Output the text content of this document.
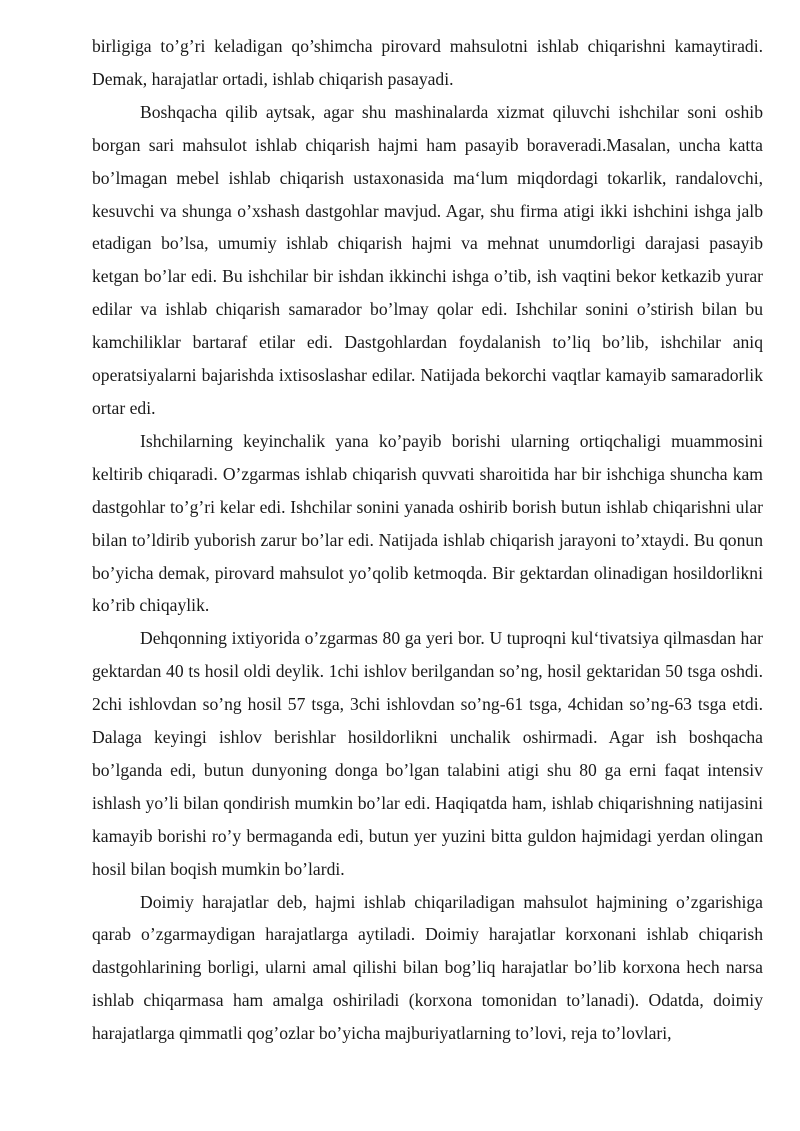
birligiga to’g’ri keladigan qo’shimcha pirovard mahsulotni ishlab chiqarishni kamaytiradi. Demak, harajatlar ortadi, ishlab chiqarish pasayadi.

Boshqacha qilib aytsak, agar shu mashinalarda xizmat qiluvchi ishchilar soni oshib borgan sari mahsulot ishlab chiqarish hajmi ham pasayib boraveradi.Masalan, uncha katta bo’lmagan mebel ishlab chiqarish ustaxonasida ma‘lum miqdordagi tokarlik, randalovchi, kesuvchi va shunga o’xshash dastgohlar mavjud. Agar, shu firma atigi ikki ishchini ishga jalb etadigan bo’lsa, umumiy ishlab chiqarish hajmi va mehnat unumdorligi darajasi pasayib ketgan bo’lar edi. Bu ishchilar bir ishdan ikkinchi ishga o’tib, ish vaqtini bekor ketkazib yurar edilar va ishlab chiqarish samarador bo’lmay qolar edi. Ishchilar sonini o’stirish bilan bu kamchiliklar bartaraf etilar edi. Dastgohlardan foydalanish to’liq bo’lib, ishchilar aniq operatsiyalarni bajarishda ixtisoslashar edilar. Natijada bekorchi vaqtlar kamayib samaradorlik ortar edi.

Ishchilarning keyinchalik yana ko’payib borishi ularning ortiqchaligi muammosini keltirib chiqaradi. O’zgarmas ishlab chiqarish quvvati sharoitida har bir ishchiga shuncha kam dastgohlar to’g’ri kelar edi. Ishchilar sonini yanada oshirib borish butun ishlab chiqarishni ular bilan to’ldirib yuborish zarur bo’lar edi. Natijada ishlab chiqarish jarayoni to’xtaydi. Bu qonun bo’yicha demak, pirovard mahsulot yo’qolib ketmoqda. Bir gektardan olinadigan hosildorlikni ko’rib chiqaylik.

Dehqonning ixtiyorida o’zgarmas 80 ga yeri bor. U tuproqni kul‘tivatsiya qilmasdan har gektardan 40 ts hosil oldi deylik. 1chi ishlov berilgandan so’ng, hosil gektaridan 50 tsga oshdi. 2chi ishlovdan so’ng hosil 57 tsga, 3chi ishlovdan so’ng-61 tsga, 4chidan so’ng-63 tsga etdi. Dalaga keyingi ishlov berishlar hosildorlikni unchalik oshirmadi. Agar ish boshqacha bo’lganda edi, butun dunyoning donga bo’lgan talabini atigi shu 80 ga erni faqat intensiv ishlash yo’li bilan qondirish mumkin bo’lar edi. Haqiqatda ham, ishlab chiqarishning natijasini kamayib borishi ro’y bermaganda edi, butun yer yuzini bitta guldon hajmidagi yerdan olingan hosil bilan boqish mumkin bo’lardi.

Doimiy harajatlar deb, hajmi ishlab chiqariladigan mahsulot hajmining o’zgarishiga qarab o’zgarmaydigan harajatlarga aytiladi. Doimiy harajatlar korxonani ishlab chiqarish dastgohlarining borligi, ularni amal qilishi bilan bog’liq harajatlar bo’lib korxona hech narsa ishlab chiqarmasa ham amalga oshiriladi (korxona tomonidan to’lanadi). Odatda, doimiy harajatlarga qimmatli qog’ozlar bo’yicha majburiyatlarning to’lovi, reja to’lovlari,
